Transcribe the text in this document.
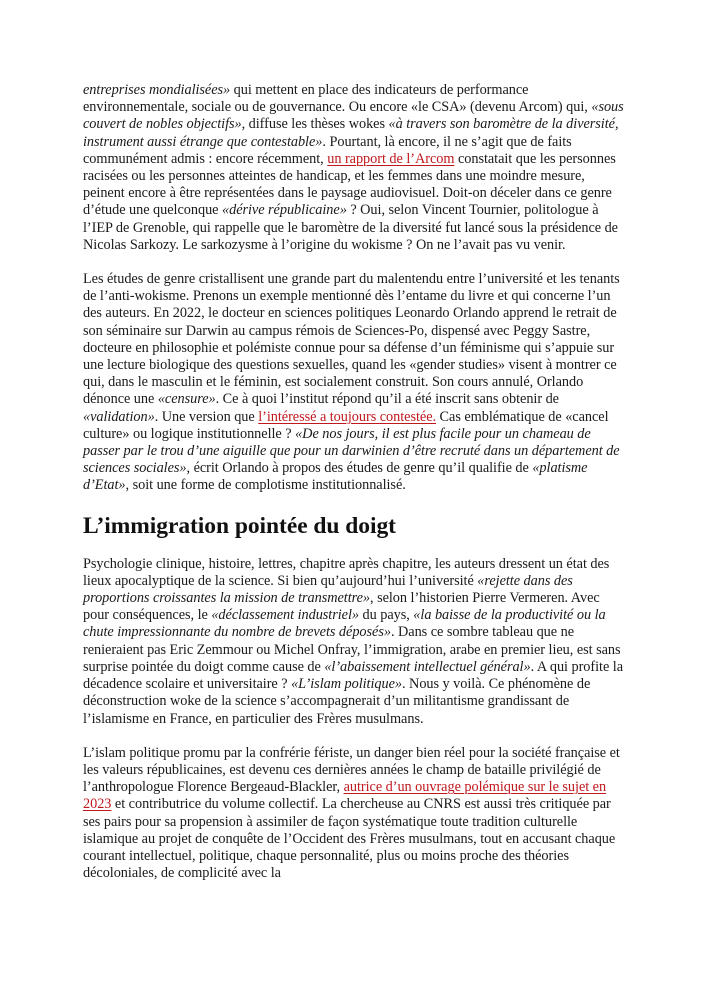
entreprises mondialisées» qui mettent en place des indicateurs de performance environnementale, sociale ou de gouvernance. Ou encore «le CSA» (devenu Arcom) qui, «sous couvert de nobles objectifs», diffuse les thèses wokes «à travers son baromètre de la diversité, instrument aussi étrange que contestable». Pourtant, là encore, il ne s’agit que de faits communément admis : encore récemment, un rapport de l’Arcom constatait que les personnes racisées ou les personnes atteintes de handicap, et les femmes dans une moindre mesure, peinent encore à être représentées dans le paysage audiovisuel. Doit-on déceler dans ce genre d’étude une quelconque «dérive républicaine» ? Oui, selon Vincent Tournier, politologue à l’IEP de Grenoble, qui rappelle que le baromètre de la diversité fut lancé sous la présidence de Nicolas Sarkozy. Le sarkozysme à l’origine du wokisme ? On ne l’avait pas vu venir.

Les études de genre cristallisent une grande part du malentendu entre l’université et les tenants de l’anti-wokisme. Prenons un exemple mentionné dès l’entame du livre et qui concerne l’un des auteurs. En 2022, le docteur en sciences politiques Leonardo Orlando apprend le retrait de son séminaire sur Darwin au campus rémois de Sciences-Po, dispensé avec Peggy Sastre, docteure en philosophie et polémiste connue pour sa défense d’un féminisme qui s’appuie sur une lecture biologique des questions sexuelles, quand les «gender studies» visent à montrer ce qui, dans le masculin et le féminin, est socialement construit. Son cours annulé, Orlando dénonce une «censure». Ce à quoi l’institut répond qu’il a été inscrit sans obtenir de «validation». Une version que l’intéressé a toujours contestée. Cas emblématique de «cancel culture» ou logique institutionnelle ? «De nos jours, il est plus facile pour un chameau de passer par le trou d’une aiguille que pour un darwinien d’être recruté dans un département de sciences sociales», écrit Orlando à propos des études de genre qu’il qualifie de «platisme d’Etat», soit une forme de complotisme institutionnalisé.

L’immigration pointée du doigt

Psychologie clinique, histoire, lettres, chapitre après chapitre, les auteurs dressent un état des lieux apocalyptique de la science. Si bien qu’aujourd’hui l’université «rejette dans des proportions croissantes la mission de transmettre», selon l’historien Pierre Vermeren. Avec pour conséquences, le «déclassement industriel» du pays, «la baisse de la productivité ou la chute impressionnante du nombre de brevets déposés». Dans ce sombre tableau que ne renieraient pas Eric Zemmour ou Michel Onfray, l’immigration, arabe en premier lieu, est sans surprise pointée du doigt comme cause de «l’abaissement intellectuel général». A qui profite la décadence scolaire et universitaire ? «L’islam politique». Nous y voilà. Ce phénomène de déconstruction woke de la science s’accompagnerait d’un militantisme grandissant de l’islamisme en France, en particulier des Frères musulmans.

L’islam politique promu par la confrérie fériste, un danger bien réel pour la société française et les valeurs républicaines, est devenu ces dernières années le champ de bataille privilégié de l’anthropologue Florence Bergeaud-Blackler, autrice d’un ouvrage polémique sur le sujet en 2023 et contributrice du volume collectif. La chercheuse au CNRS est aussi très critiquée par ses pairs pour sa propension à assimiler de façon systématique toute tradition culturelle islamique au projet de conquête de l’Occident des Frères musulmans, tout en accusant chaque courant intellectuel, politique, chaque personnalité, plus ou moins proche des théories décoloniales, de complicité avec la
